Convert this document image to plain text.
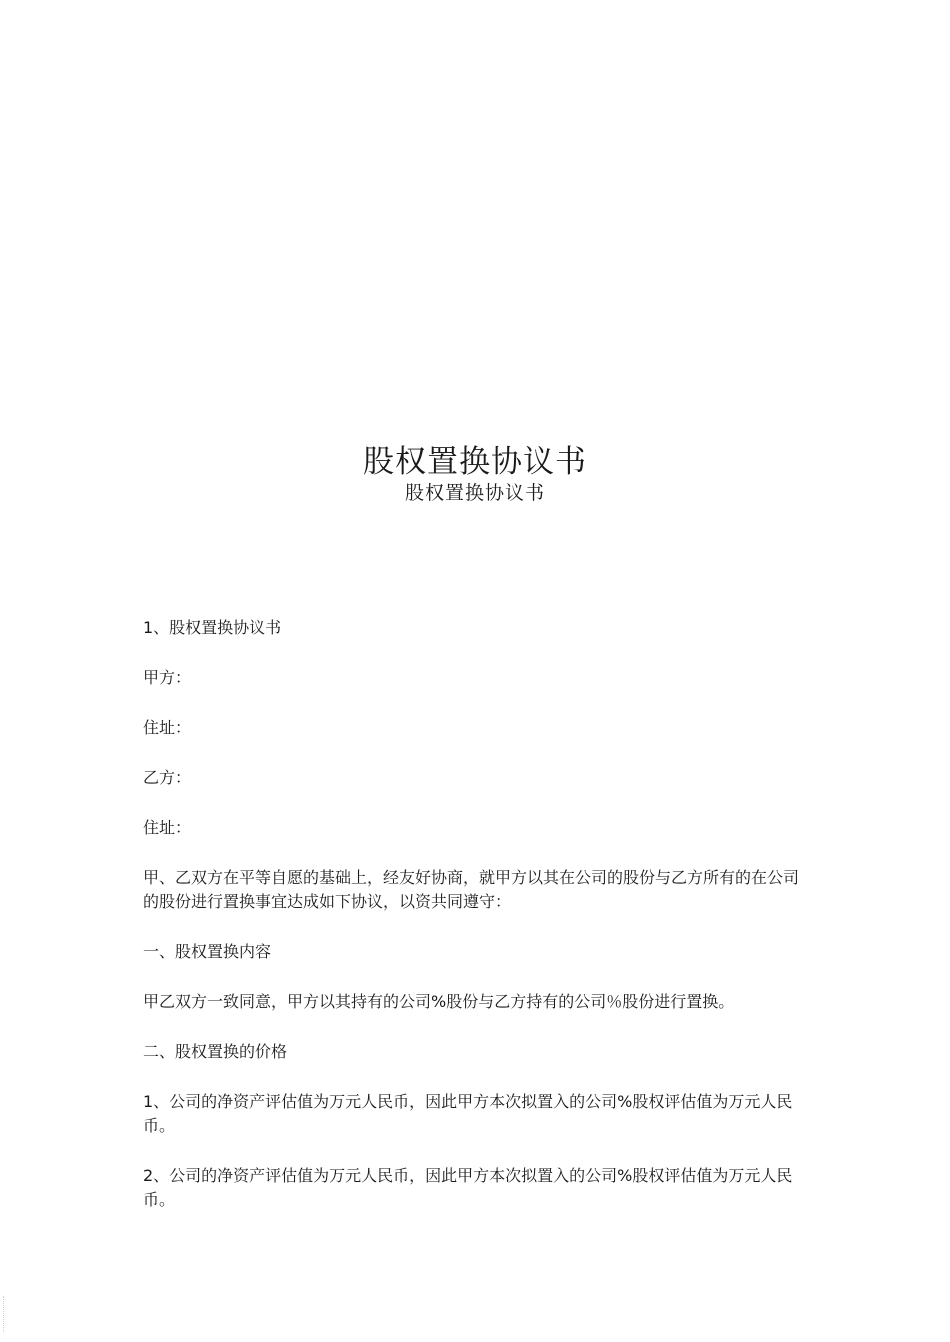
股权置换协议书
股权置换协议书

1、股权置换协议书

甲方：

住址：

乙方：

住址：

甲、乙双方在平等自愿的基础上，经友好协商，就甲方以其在公司的股份与乙方所有的在公司的股份进行置换事宜达成如下协议，以资共同遵守：

一、股权置换内容

甲乙双方一致同意，甲方以其持有的公司%股份与乙方持有的公司％股份进行置换。

二、股权置换的价格

1、公司的净资产评估值为万元人民币，因此甲方本次拟置入的公司%股权评估值为万元人民币。

2、公司的净资产评估值为万元人民币，因此甲方本次拟置入的公司%股权评估值为万元人民币。
